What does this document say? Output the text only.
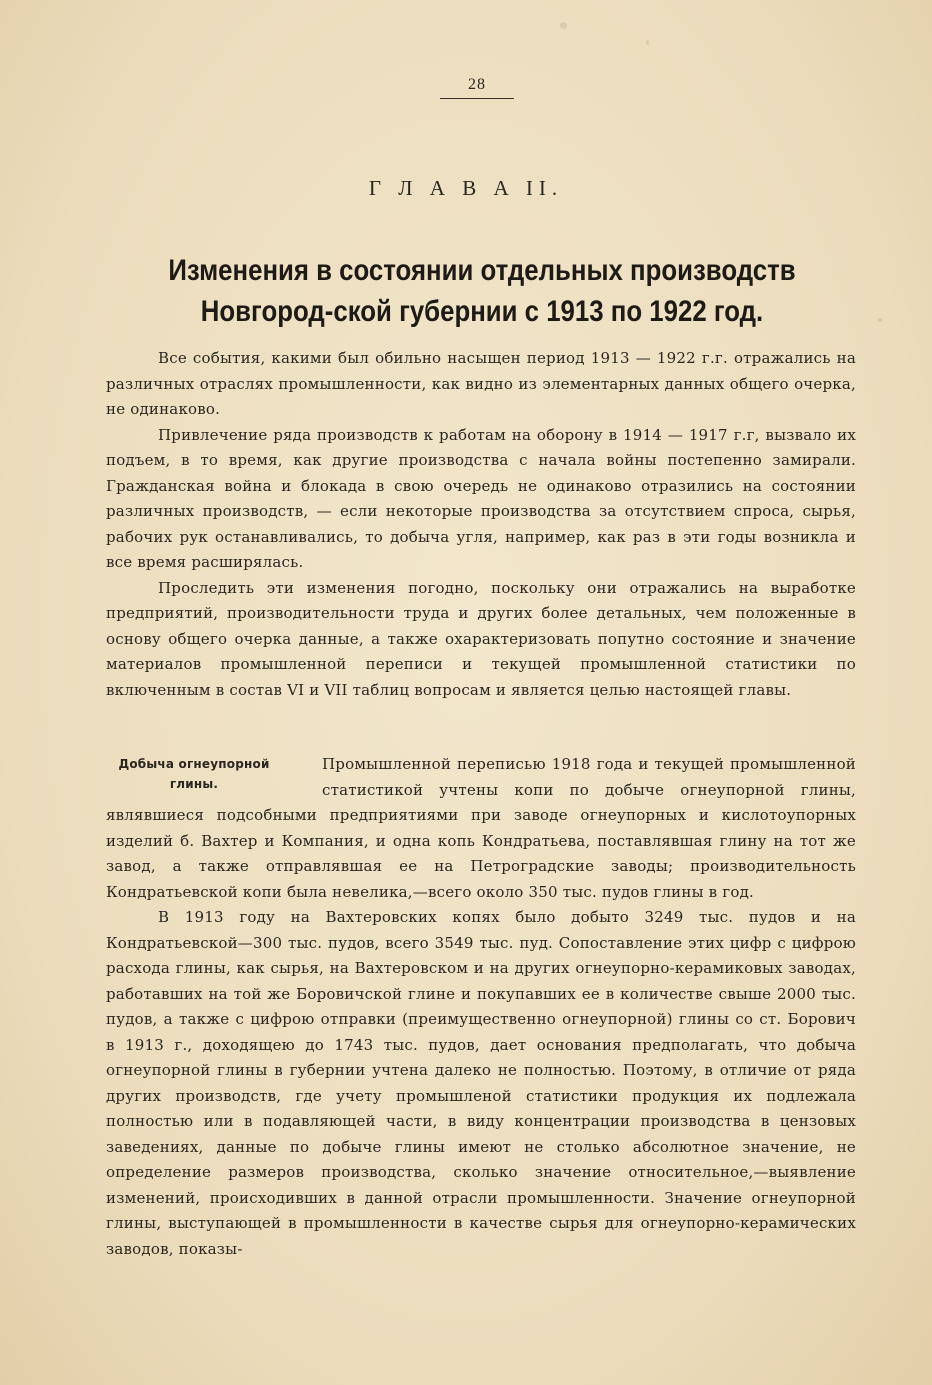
28
Г Л А В А II.
Изменения в состоянии отдельных производств Новгород-ской губернии с 1913 по 1922 год.

Все события, какими был обильно насыщен период 1913 — 1922 г.г. отражались на различных отраслях промышленности, как видно из элементарных данных общего очерка, не одинаково.

Привлечение ряда производств к работам на оборону в 1914 — 1917 г.г, вызвало их подъем, в то время, как другие производства с начала войны постепенно замирали. Гражданская война и блокада в свою очередь не одинаково отразились на состоянии различных производств, — если некоторые производства за отсутствием спроса, сырья, рабочих рук останавливались, то добыча угля, например, как раз в эти годы возникла и все время расширялась.

Проследить эти изменения погодно, поскольку они отражались на выработке предприятий, производительности труда и других более детальных, чем положенные в основу общего очерка данные, а также охарактеризовать попутно состояние и значение материалов промышленной переписи и текущей промышленной статистики по включенным в состав VI и VII таблиц вопросам и является целью настоящей главы.

Добыча огнеупорной глины.

Промышленной переписью 1918 года и текущей промышленной статистикой учтены копи по добыче огнеупорной глины, являвшиеся подсобными предприятиями при заводе огнеупорных и кислотоупорных изделий б. Вахтер и Компания, и одна копь Кондратьева, поставлявшая глину на тот же завод, а также отправлявшая ее на Петроградские заводы; производительность Кондратьевской копи была невелика,—всего около 350 тыс. пудов глины в год.

В 1913 году на Вахтеровских копях было добыто 3249 тыс. пудов и на Кондратьевской—300 тыс. пудов, всего 3549 тыс. пуд. Сопоставление этих цифр с цифрою расхода глины, как сырья, на Вахтеровском и на других огнеупорно-керамиковых заводах, работавших на той же Боровичской глине и покупавших ее в количестве свыше 2000 тыс. пудов, а также с цифрою отправки (преимущественно огнеупорной) глины со ст. Борович в 1913 г., доходящею до 1743 тыс. пудов, дает основания предполагать, что добыча огнеупорной глины в губернии учтена далеко не полностью. Поэтому, в отличие от ряда других производств, где учету промышленой статистики продукция их подлежала полностью или в подавляющей части, в виду концентрации производства в цензовых заведениях, данные по добыче глины имеют не столько абсолютное значение, не определение размеров производства, сколько значение относительное,—выявление изменений, происходивших в данной отрасли промышленности. Значение огнеупорной глины, выступающей в промышленности в качестве сырья для огнеупорно-керамических заводов, показы-
